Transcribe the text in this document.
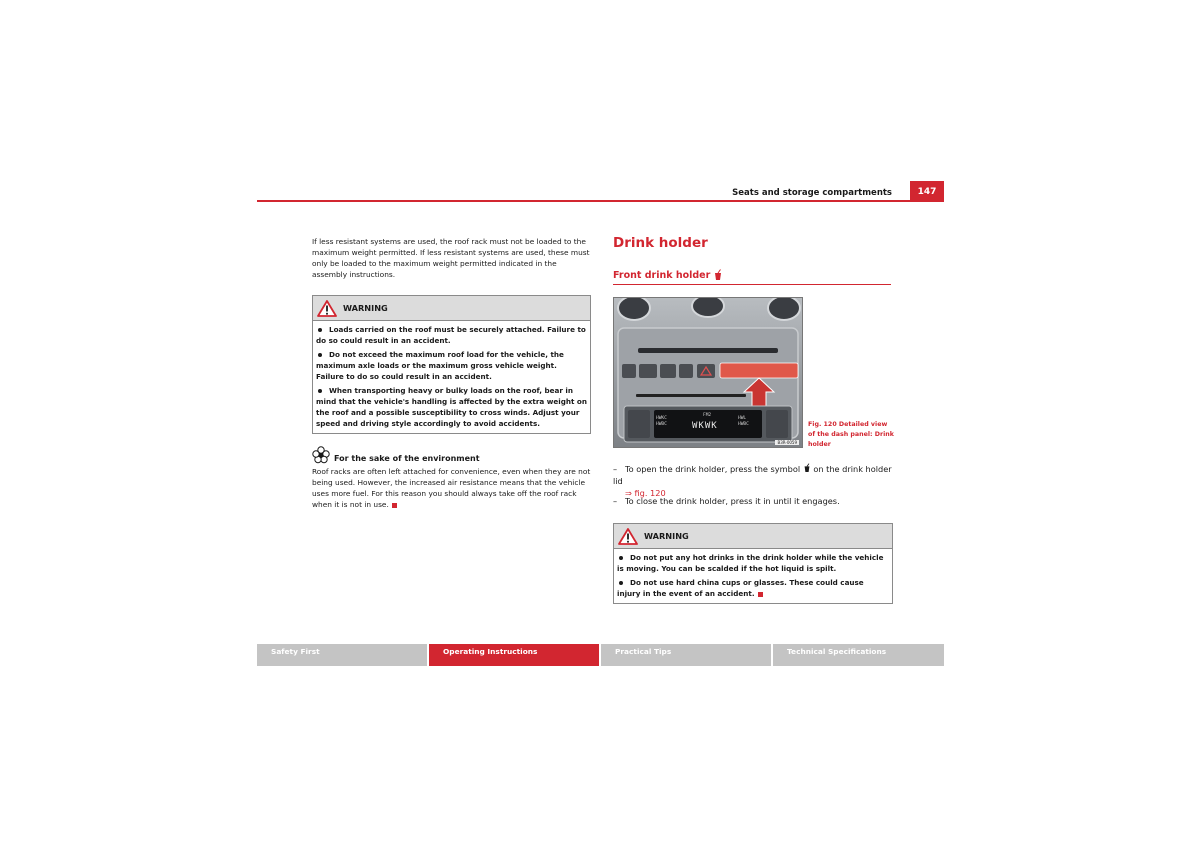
Seats and storage compartments	147

If less resistant systems are used, the roof rack must not be loaded to the maximum weight permitted. If less resistant systems are used, these must only be loaded to the maximum weight permitted indicated in the assembly instructions.

WARNING

Loads carried on the roof must be securely attached. Failure to do so could result in an accident.

Do not exceed the maximum roof load for the vehicle, the maximum axle loads or the maximum gross vehicle weight. Failure to do so could result in an accident.

When transporting heavy or bulky loads on the roof, bear in mind that the vehicle's handling is affected by the extra weight on the roof and a possible susceptibility to cross winds. Adjust your speed and driving style accordingly to avoid accidents.

For the sake of the environment

Roof racks are often left attached for convenience, even when they are not being used. However, the increased air resistance means that the vehicle uses more fuel. For this reason you should always take off the roof rack when it is not in use.

Drink holder
Front drink holder
HWKC
HWBC
FM2
WKWK
HWL
HWBC
B3R-0059
Fig. 120 Detailed view of the dash panel: Drink holder
– To open the drink holder, press the symbol on the drink holder lid
⇒ fig. 120
– To close the drink holder, press it in until it engages.
WARNING

Do not put any hot drinks in the drink holder while the vehicle is moving. You can be scalded if the hot liquid is spilt.

Do not use hard china cups or glasses. These could cause injury in the event of an accident.

Safety First	Operating Instructions	Practical Tips	Technical Specifications
